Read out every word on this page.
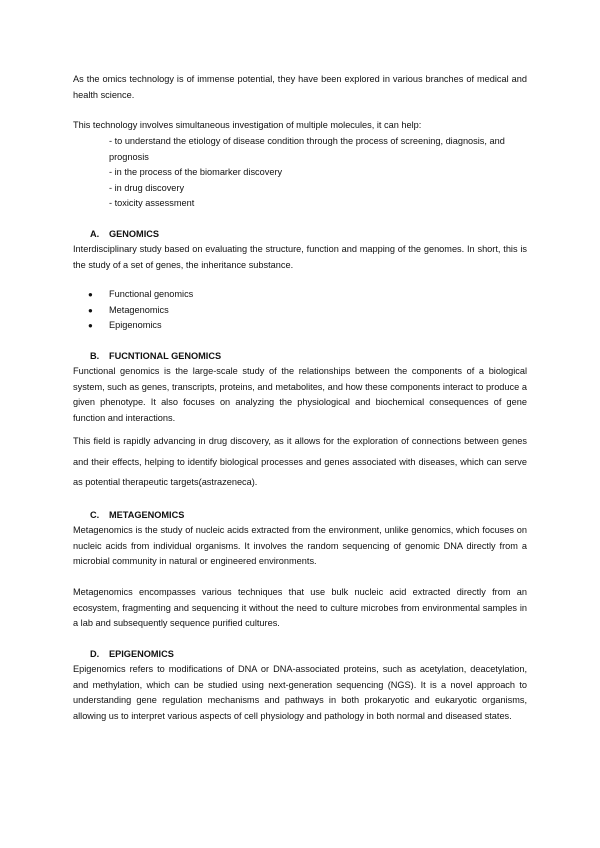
As the omics technology is of immense potential, they have been explored in various branches of medical and health science.

This technology involves simultaneous investigation of multiple molecules, it can help:

- to understand the etiology of disease condition through the process of screening, diagnosis, and prognosis

- in the process of the biomarker discovery

- in drug discovery

- toxicity assessment

A. GENOMICS

Interdisciplinary study based on evaluating the structure, function and mapping of the genomes. In short, this is the study of a set of genes, the inheritance substance.

● Functional genomics
● Metagenomics
● Epigenomics
B. FUCNTIONAL GENOMICS

Functional genomics is the large-scale study of the relationships between the components of a biological system, such as genes, transcripts, proteins, and metabolites, and how these components interact to produce a given phenotype. It also focuses on analyzing the physiological and biochemical consequences of gene function and interactions.

This field is rapidly advancing in drug discovery, as it allows for the exploration of connections between genes and their effects, helping to identify biological processes and genes associated with diseases, which can serve as potential therapeutic targets(astrazeneca).

C. METAGENOMICS

Metagenomics is the study of nucleic acids extracted from the environment, unlike genomics, which focuses on nucleic acids from individual organisms. It involves the random sequencing of genomic DNA directly from a microbial community in natural or engineered environments.

Metagenomics encompasses various techniques that use bulk nucleic acid extracted directly from an ecosystem, fragmenting and sequencing it without the need to culture microbes from environmental samples in a lab and subsequently sequence purified cultures.

D. EPIGENOMICS

Epigenomics refers to modifications of DNA or DNA-associated proteins, such as acetylation, deacetylation, and methylation, which can be studied using next-generation sequencing (NGS). It is a novel approach to understanding gene regulation mechanisms and pathways in both prokaryotic and eukaryotic organisms, allowing us to interpret various aspects of cell physiology and pathology in both normal and diseased states.
